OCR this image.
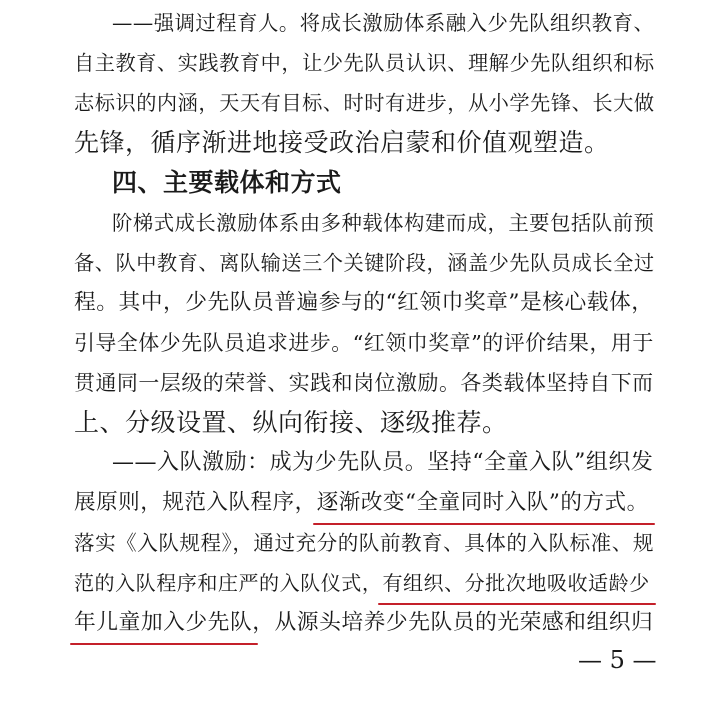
——强调过程育人。将成长激励体系融入少先队组织教育、
自主教育、实践教育中，让少先队员认识、理解少先队组织和标
志标识的内涵，天天有目标、时时有进步，从小学先锋、长大做
先锋，循序渐进地接受政治启蒙和价值观塑造。
四、主要载体和方式
阶梯式成长激励体系由多种载体构建而成，主要包括队前预
备、队中教育、离队输送三个关键阶段，涵盖少先队员成长全过
程。其中，少先队员普遍参与的“红领巾奖章”是核心载体，
引导全体少先队员追求进步。“红领巾奖章”的评价结果，用于
贯通同一层级的荣誉、实践和岗位激励。各类载体坚持自下而
上、分级设置、纵向衔接、逐级推荐。
——入队激励：成为少先队员。坚持“全童入队”组织发
展原则，规范入队程序，逐渐改变“全童同时入队”的方式。
落实《入队规程》，通过充分的队前教育、具体的入队标准、规
范的入队程序和庄严的入队仪式，有组织、分批次地吸收适龄少
年儿童加入少先队，从源头培养少先队员的光荣感和组织归
— 5 —
